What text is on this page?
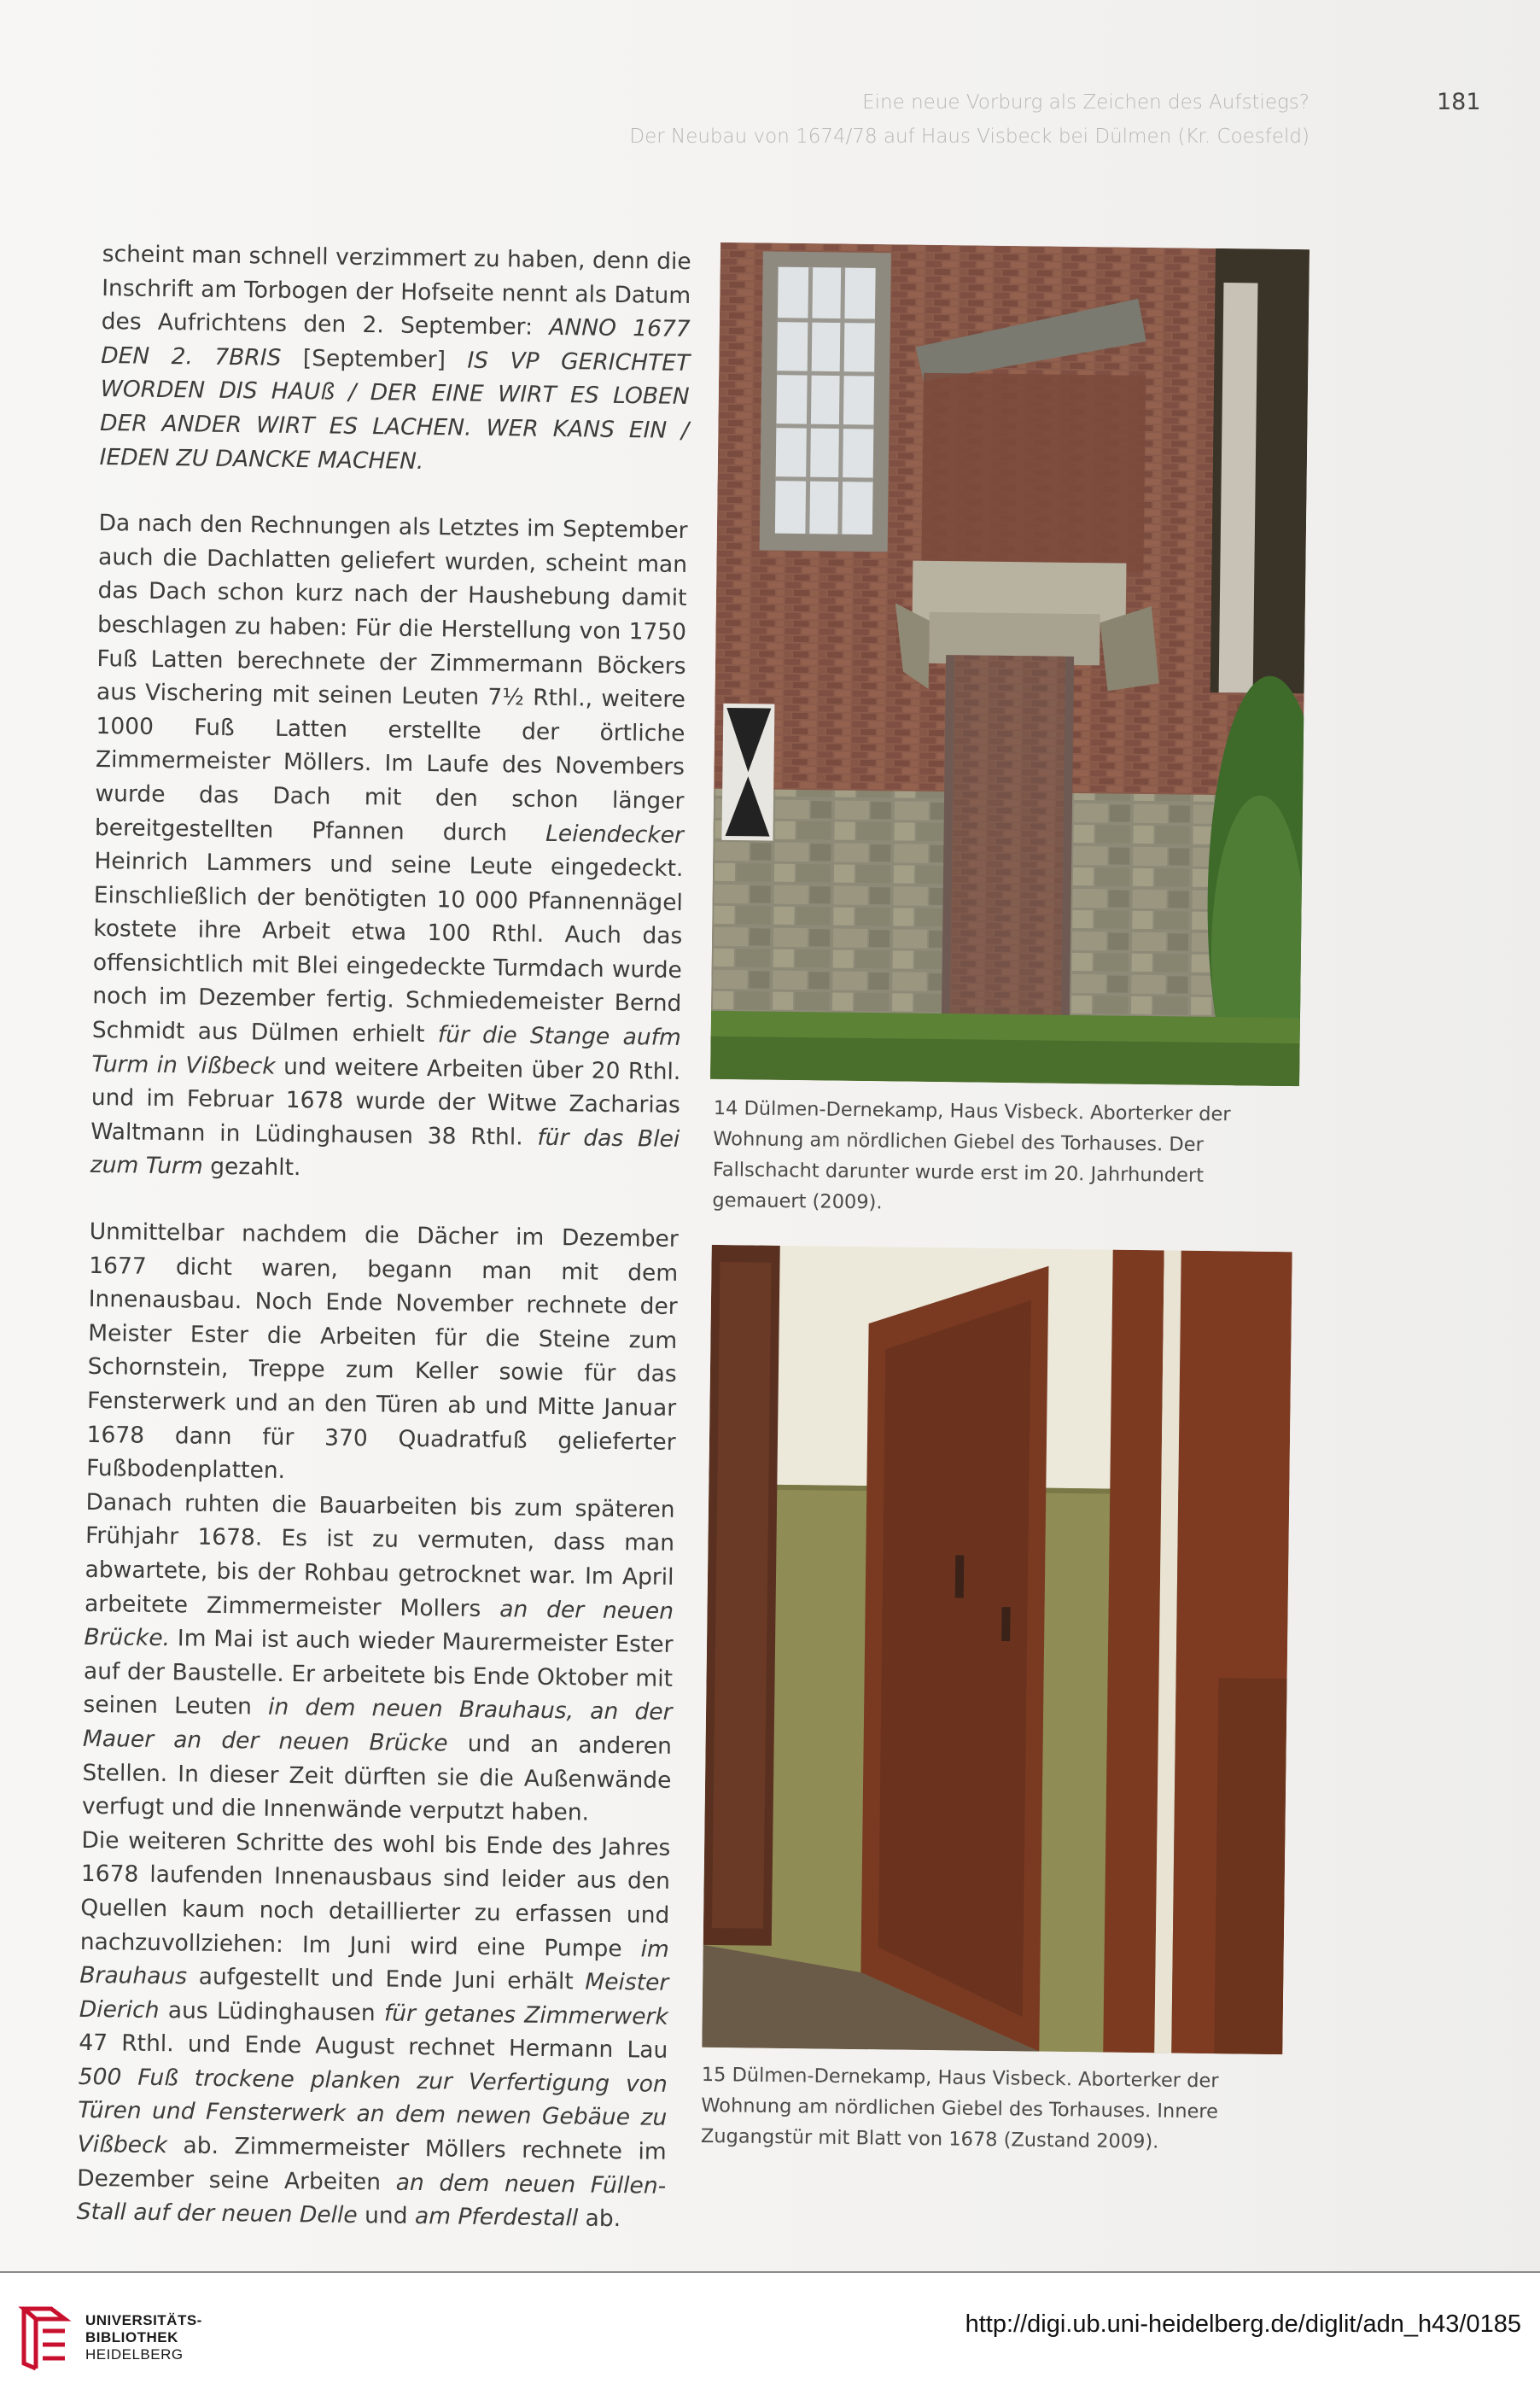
Eine neue Vorburg als Zeichen des Aufstiegs?
Der Neubau von 1674/78 auf Haus Visbeck bei Dülmen (Kr. Coesfeld)
181

scheint man schnell verzimmert zu haben, denn die Inschrift am Torbogen der Hofseite nennt als Datum des Aufrichtens den 2. September: ANNO 1677 DEN 2. 7BRIS [September] IS VP GERICHTET WORDEN DIS HAUß / DER EINE WIRT ES LOBEN DER ANDER WIRT ES LACHEN. WER KANS EIN / IEDEN ZU DANCKE MACHEN.

Da nach den Rechnungen als Letztes im September auch die Dachlatten geliefert wurden, scheint man das Dach schon kurz nach der Haushebung damit beschlagen zu haben: Für die Herstellung von 1750 Fuß Latten berechnete der Zimmermann Böckers aus Vischering mit seinen Leuten 7½ Rthl., weitere 1000 Fuß Latten erstellte der örtliche Zimmermeister Möllers. Im Laufe des Novembers wurde das Dach mit den schon länger bereitgestellten Pfannen durch Leiendecker Heinrich Lammers und seine Leute eingedeckt. Einschließlich der benötigten 10 000 Pfannennägel kostete ihre Arbeit etwa 100 Rthl. Auch das offensichtlich mit Blei eingedeckte Turmdach wurde noch im Dezember fertig. Schmiedemeister Bernd Schmidt aus Dülmen erhielt für die Stange aufm Turm in Vißbeck und weitere Arbeiten über 20 Rthl. und im Februar 1678 wurde der Witwe Zacharias Waltmann in Lüdinghausen 38 Rthl. für das Blei zum Turm gezahlt.

Unmittelbar nachdem die Dächer im Dezember 1677 dicht waren, begann man mit dem Innenausbau. Noch Ende November rechnete der Meister Ester die Arbeiten für die Steine zum Schornstein, Treppe zum Keller sowie für das Fensterwerk und an den Türen ab und Mitte Januar 1678 dann für 370 Quadratfuß gelieferter Fußbodenplatten.

Danach ruhten die Bauarbeiten bis zum späteren Frühjahr 1678. Es ist zu vermuten, dass man abwartete, bis der Rohbau getrocknet war. Im April arbeitete Zimmermeister Mollers an der neuen Brücke. Im Mai ist auch wieder Maurermeister Ester auf der Baustelle. Er arbeitete bis Ende Oktober mit seinen Leuten in dem neuen Brauhaus, an der Mauer an der neuen Brücke und an anderen Stellen. In dieser Zeit dürften sie die Außenwände verfugt und die Innenwände verputzt haben.

Die weiteren Schritte des wohl bis Ende des Jahres 1678 laufenden Innenausbaus sind leider aus den Quellen kaum noch detaillierter zu erfassen und nachzuvollziehen: Im Juni wird eine Pumpe im Brauhaus aufgestellt und Ende Juni erhält Meister Dierich aus Lüdinghausen für getanes Zimmerwerk 47 Rthl. und Ende August rechnet Hermann Lau 500 Fuß trockene planken zur Verfertigung von Türen und Fensterwerk an dem newen Gebäue zu Vißbeck ab. Zimmermeister Möllers rechnete im Dezember seine Arbeiten an dem neuen Füllen-Stall auf der neuen Delle und am Pferdestall ab.

14 Dülmen-Dernekamp, Haus Visbeck. Aborterker der Wohnung am nördlichen Giebel des Torhauses. Der Fallschacht darunter wurde erst im 20. Jahrhundert gemauert (2009).
15 Dülmen-Dernekamp, Haus Visbeck. Aborterker der Wohnung am nördlichen Giebel des Torhauses. Innere Zugangstür mit Blatt von 1678 (Zustand 2009).
UNIVERSITÄTS-
BIBLIOTHEK
HEIDELBERG
http://digi.ub.uni-heidelberg.de/diglit/adn_h43/0185
